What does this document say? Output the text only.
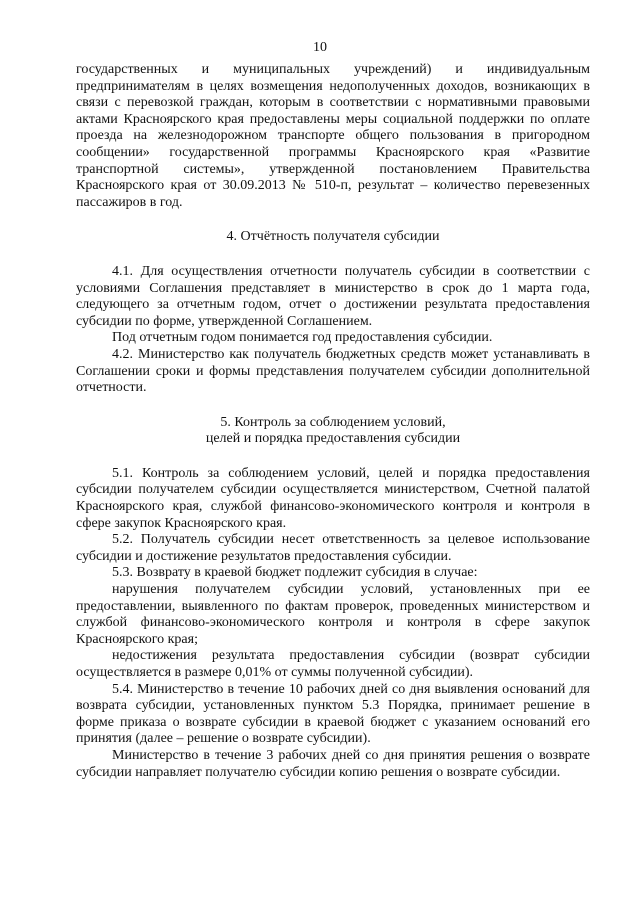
10

государственных и муниципальных учреждений) и индивидуальным предпринимателям в целях возмещения недополученных доходов, возникающих в связи с перевозкой граждан, которым в соответствии с нормативными правовыми актами Красноярского края предоставлены меры социальной поддержки по оплате проезда на железнодорожном транспорте общего пользования в пригородном сообщении» государственной программы Красноярского края «Развитие транспортной системы», утвержденной постановлением Правительства Красноярского края от 30.09.2013 № 510-п, результат – количество перевезенных пассажиров в год.

4. Отчётность получателя субсидии

4.1. Для осуществления отчетности получатель субсидии в соответствии с условиями Соглашения представляет в министерство в срок до 1 марта года, следующего за отчетным годом, отчет о достижении результата предоставления субсидии по форме, утвержденной Соглашением.

Под отчетным годом понимается год предоставления субсидии.

4.2. Министерство как получатель бюджетных средств может устанавливать в Соглашении сроки и формы представления получателем субсидии дополнительной отчетности.

5. Контроль за соблюдением условий,

целей и порядка предоставления субсидии

5.1. Контроль за соблюдением условий, целей и порядка предоставления субсидии получателем субсидии осуществляется министерством, Счетной палатой Красноярского края, службой финансово-экономического контроля и контроля в сфере закупок Красноярского края.

5.2. Получатель субсидии несет ответственность за целевое использование субсидии и достижение результатов предоставления субсидии.

5.3. Возврату в краевой бюджет подлежит субсидия в случае:

нарушения получателем субсидии условий, установленных при ее предоставлении, выявленного по фактам проверок, проведенных министерством и службой финансово-экономического контроля и контроля в сфере закупок Красноярского края;

недостижения результата предоставления субсидии (возврат субсидии осуществляется в размере 0,01% от суммы полученной субсидии).

5.4. Министерство в течение 10 рабочих дней со дня выявления оснований для возврата субсидии, установленных пунктом 5.3 Порядка, принимает решение в форме приказа о возврате субсидии в краевой бюджет с указанием оснований его принятия (далее – решение о возврате субсидии).

Министерство в течение 3 рабочих дней со дня принятия решения о возврате субсидии направляет получателю субсидии копию решения о возврате субсидии.
